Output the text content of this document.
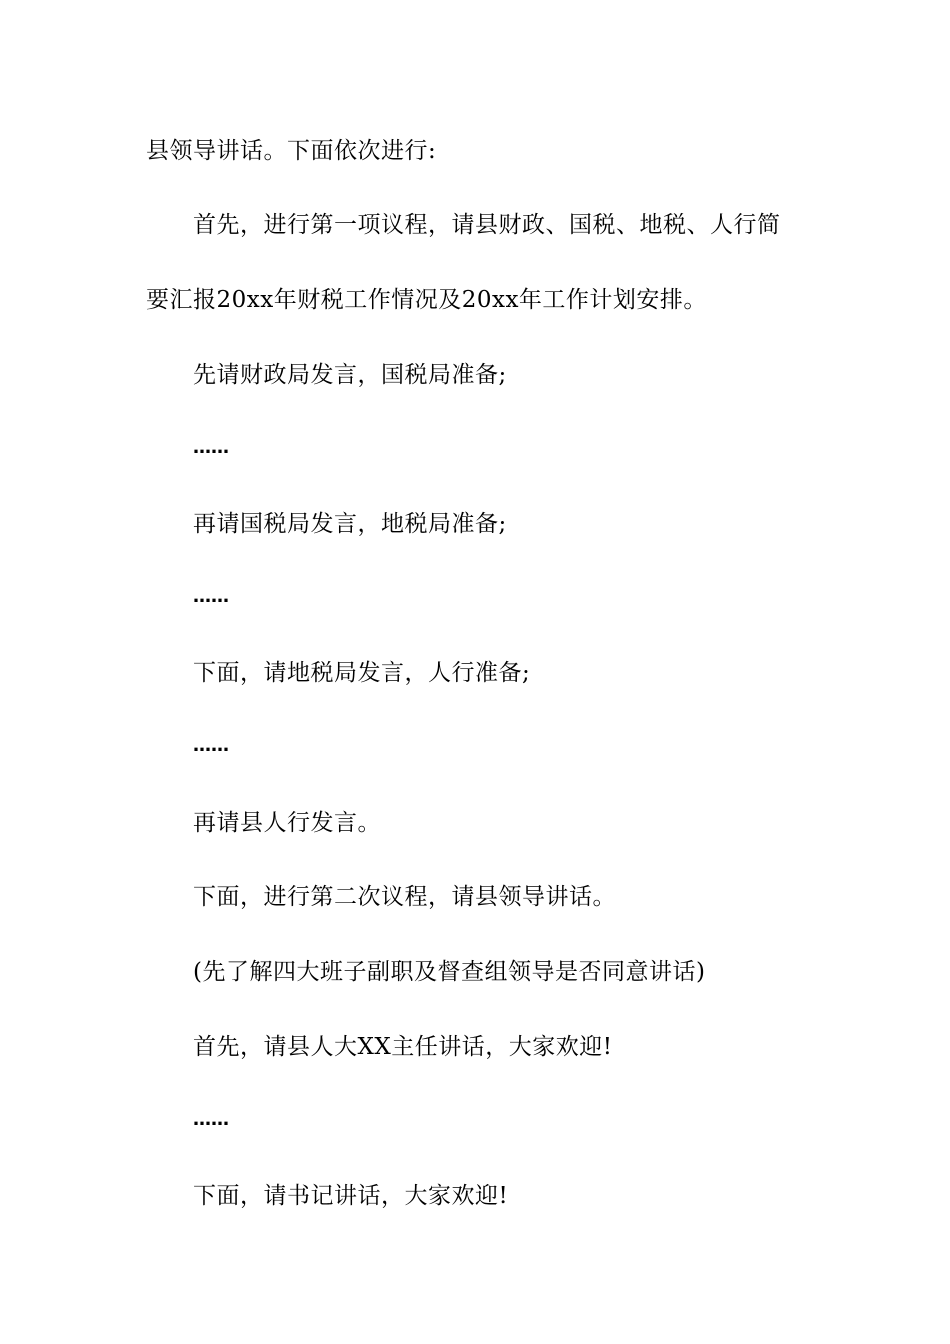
县领导讲话。下面依次进行:

首先，进行第一项议程，请县财政、国税、地税、人行简

要汇报20xx年财税工作情况及20xx年工作计划安排。

先请财政局发言，国税局准备;

……

再请国税局发言，地税局准备;

……

下面，请地税局发言，人行准备;

……

再请县人行发言。

下面，进行第二次议程，请县领导讲话。

(先了解四大班子副职及督查组领导是否同意讲话)

首先，请县人大XX主任讲话，大家欢迎!

……

下面，请书记讲话，大家欢迎!
